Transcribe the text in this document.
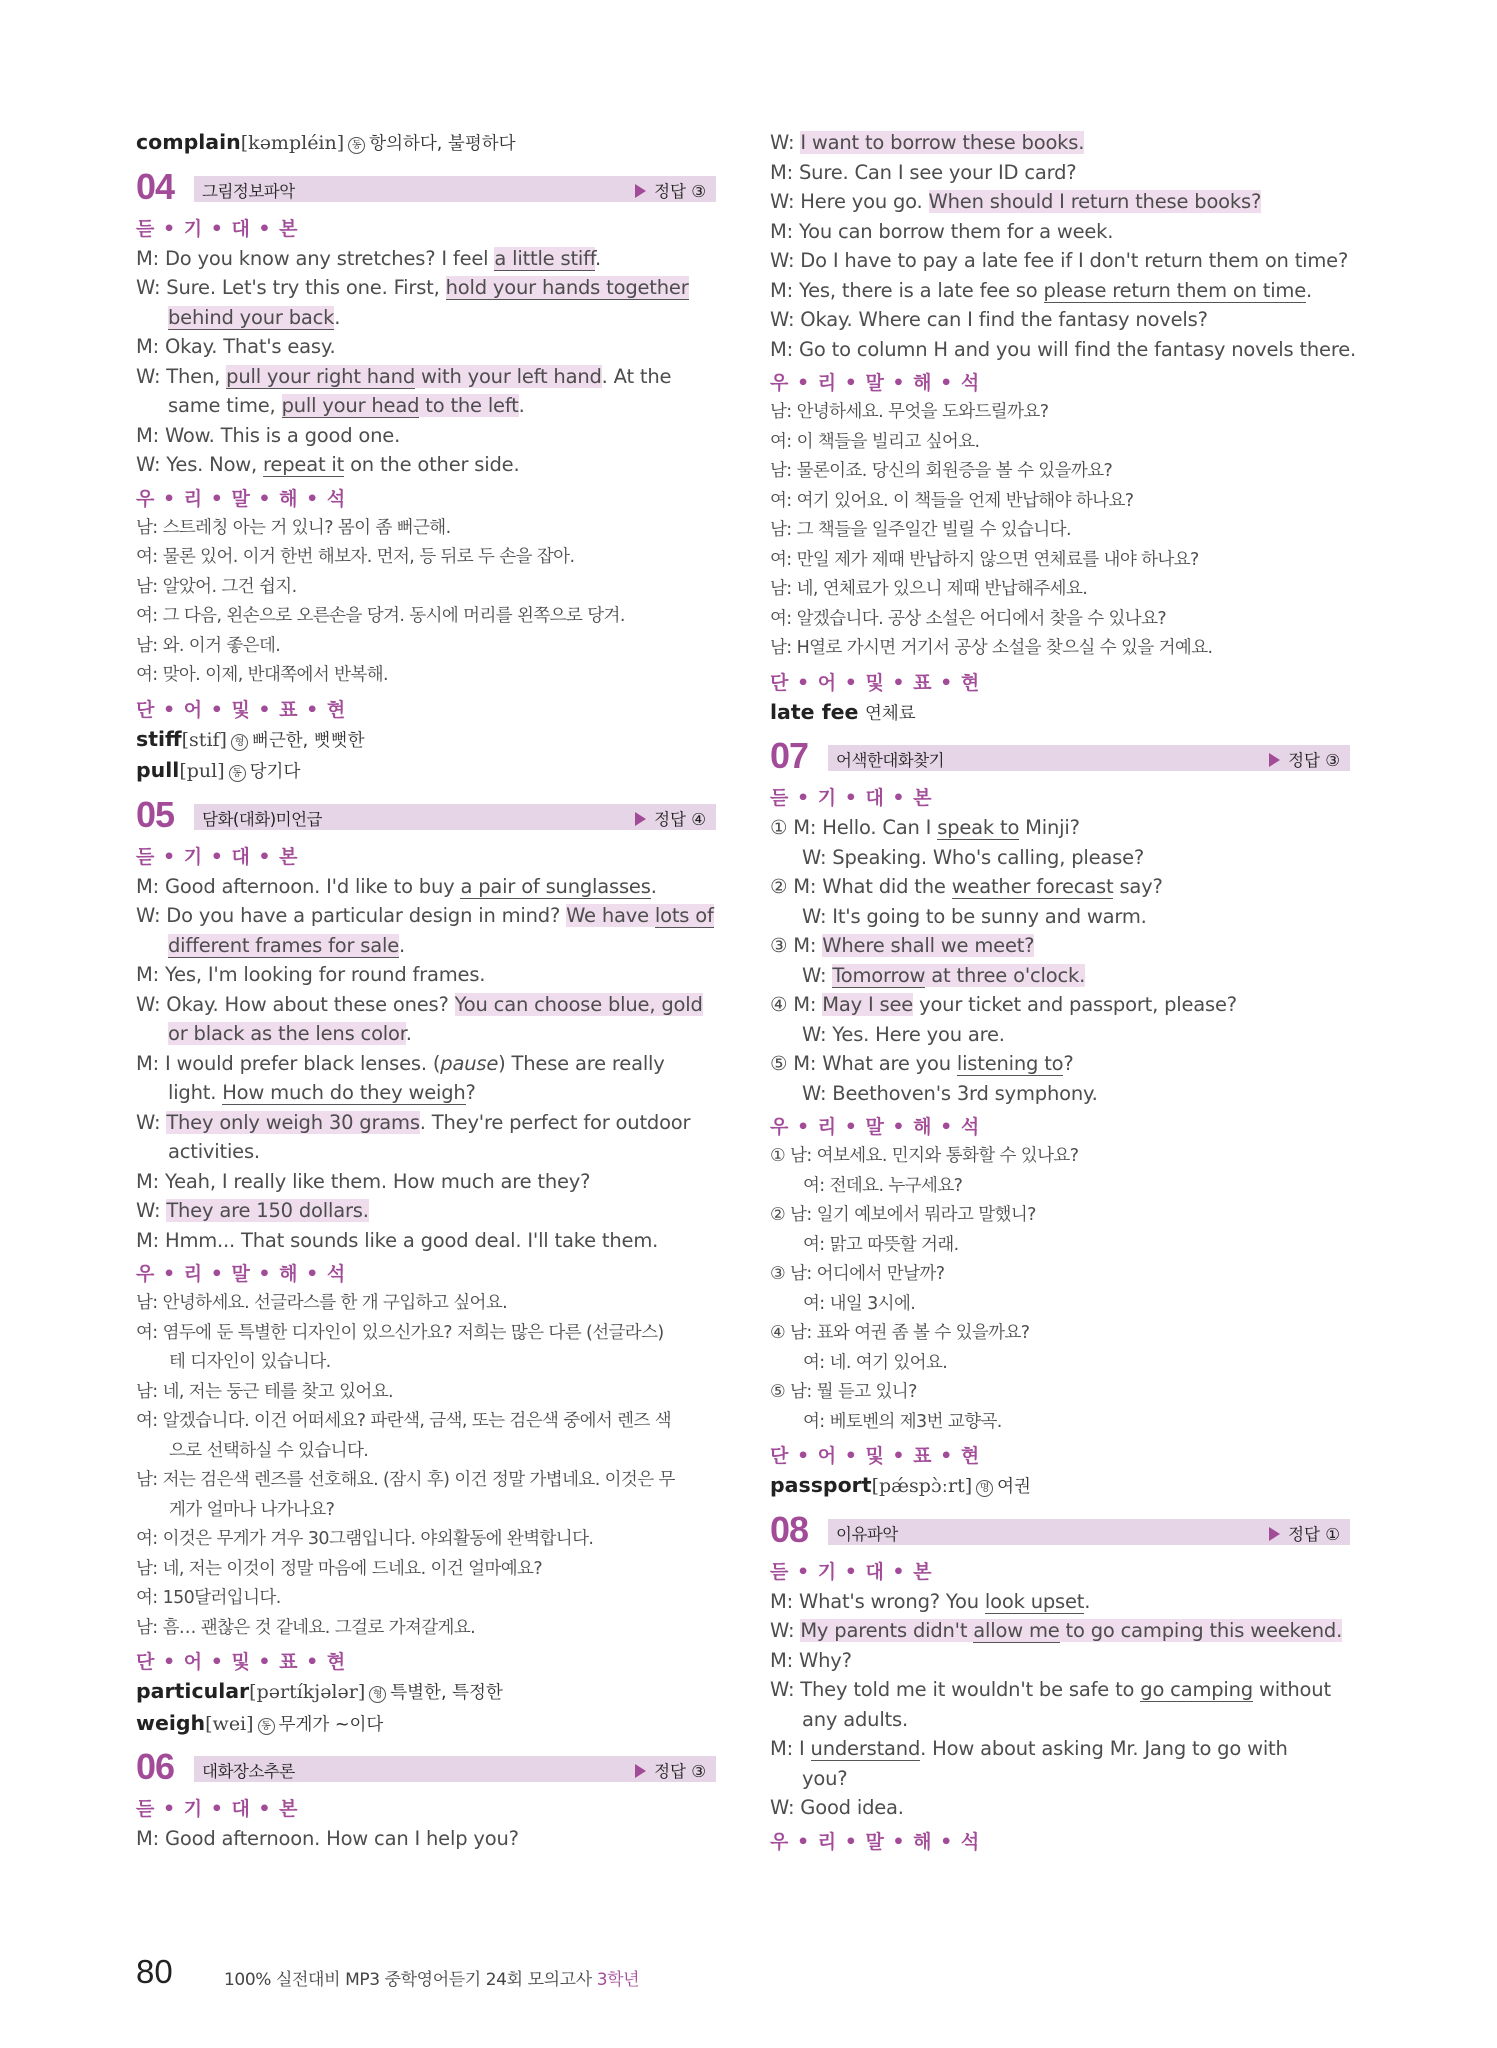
complain[kəmpléin] 동 항의하다, 불평하다
04 그림정보파악	정답 ③
듣 • 기 • 대 • 본
M: Do you know any stretches? I feel a little stiff.
W: Sure. Let's try this one. First, hold your hands together
behind your back.
M: Okay. That's easy.
W: Then, pull your right hand with your left hand. At the
same time, pull your head to the left.
M: Wow. This is a good one.
W: Yes. Now, repeat it on the other side.
우 • 리 • 말 • 해 • 석
남: 스트레칭 아는 거 있니? 몸이 좀 뻐근해.
여: 물론 있어. 이거 한번 해보자. 먼저, 등 뒤로 두 손을 잡아.
남: 알았어. 그건 쉽지.
여: 그 다음, 왼손으로 오른손을 당겨. 동시에 머리를 왼쪽으로 당겨.
남: 와. 이거 좋은데.
여: 맞아. 이제, 반대쪽에서 반복해.
단 • 어 • 및 • 표 • 현
stiff[stif] 형 뻐근한, 뻣뻣한
pull[pul] 동 당기다
05 담화(대화)미언급	정답 ④
듣 • 기 • 대 • 본
M: Good afternoon. I'd like to buy a pair of sunglasses.
W: Do you have a particular design in mind? We have lots of
different frames for sale.
M: Yes, I'm looking for round frames.
W: Okay. How about these ones? You can choose blue, gold
or black as the lens color.
M: I would prefer black lenses. (pause) These are really
light. How much do they weigh?
W: They only weigh 30 grams. They're perfect for outdoor
activities.
M: Yeah, I really like them. How much are they?
W: They are 150 dollars.
M: Hmm... That sounds like a good deal. I'll take them.
우 • 리 • 말 • 해 • 석
남: 안녕하세요. 선글라스를 한 개 구입하고 싶어요.
여: 염두에 둔 특별한 디자인이 있으신가요? 저희는 많은 다른 (선글라스)
테 디자인이 있습니다.
남: 네, 저는 둥근 테를 찾고 있어요.
여: 알겠습니다. 이건 어떠세요? 파란색, 금색, 또는 검은색 중에서 렌즈 색
으로 선택하실 수 있습니다.
남: 저는 검은색 렌즈를 선호해요. (잠시 후) 이건 정말 가볍네요. 이것은 무
게가 얼마나 나가나요?
여: 이것은 무게가 겨우 30그램입니다. 야외활동에 완벽합니다.
남: 네, 저는 이것이 정말 마음에 드네요. 이건 얼마예요?
여: 150달러입니다.
남: 흠… 괜찮은 것 같네요. 그걸로 가져갈게요.
단 • 어 • 및 • 표 • 현
particular[pərtíkjələr] 형 특별한, 특정한
weigh[wei] 동 무게가 ~이다
06 대화장소추론	정답 ③
듣 • 기 • 대 • 본
M: Good afternoon. How can I help you?
W: I want to borrow these books.
M: Sure. Can I see your ID card?
W: Here you go. When should I return these books?
M: You can borrow them for a week.
W: Do I have to pay a late fee if I don't return them on time?
M: Yes, there is a late fee so please return them on time.
W: Okay. Where can I find the fantasy novels?
M: Go to column H and you will find the fantasy novels there.
우 • 리 • 말 • 해 • 석
남: 안녕하세요. 무엇을 도와드릴까요?
여: 이 책들을 빌리고 싶어요.
남: 물론이죠. 당신의 회원증을 볼 수 있을까요?
여: 여기 있어요. 이 책들을 언제 반납해야 하나요?
남: 그 책들을 일주일간 빌릴 수 있습니다.
여: 만일 제가 제때 반납하지 않으면 연체료를 내야 하나요?
남: 네, 연체료가 있으니 제때 반납해주세요.
여: 알겠습니다. 공상 소설은 어디에서 찾을 수 있나요?
남: H열로 가시면 거기서 공상 소설을 찾으실 수 있을 거예요.
단 • 어 • 및 • 표 • 현
late fee 연체료
07 어색한대화찾기	정답 ③
듣 • 기 • 대 • 본
① M: Hello. Can I speak to Minji?
W: Speaking. Who's calling, please?
② M: What did the weather forecast say?
W: It's going to be sunny and warm.
③ M: Where shall we meet?
W: Tomorrow at three o'clock.
④ M: May I see your ticket and passport, please?
W: Yes. Here you are.
⑤ M: What are you listening to?
W: Beethoven's 3rd symphony.
우 • 리 • 말 • 해 • 석
① 남: 여보세요. 민지와 통화할 수 있나요?
여: 전데요. 누구세요?
② 남: 일기 예보에서 뭐라고 말했니?
여: 맑고 따뜻할 거래.
③ 남: 어디에서 만날까?
여: 내일 3시에.
④ 남: 표와 여권 좀 볼 수 있을까요?
여: 네. 여기 있어요.
⑤ 남: 뭘 듣고 있니?
여: 베토벤의 제3번 교향곡.
단 • 어 • 및 • 표 • 현
passport[pǽspɔ̀ːrt] 명 여권
08 이유파악	정답 ①
듣 • 기 • 대 • 본
M: What's wrong? You look upset.
W: My parents didn't allow me to go camping this weekend.
M: Why?
W: They told me it wouldn't be safe to go camping without
any adults.
M: I understand. How about asking Mr. Jang to go with
you?
W: Good idea.
우 • 리 • 말 • 해 • 석
80	100% 실전대비 MP3 중학영어듣기 24회 모의고사 3학년
